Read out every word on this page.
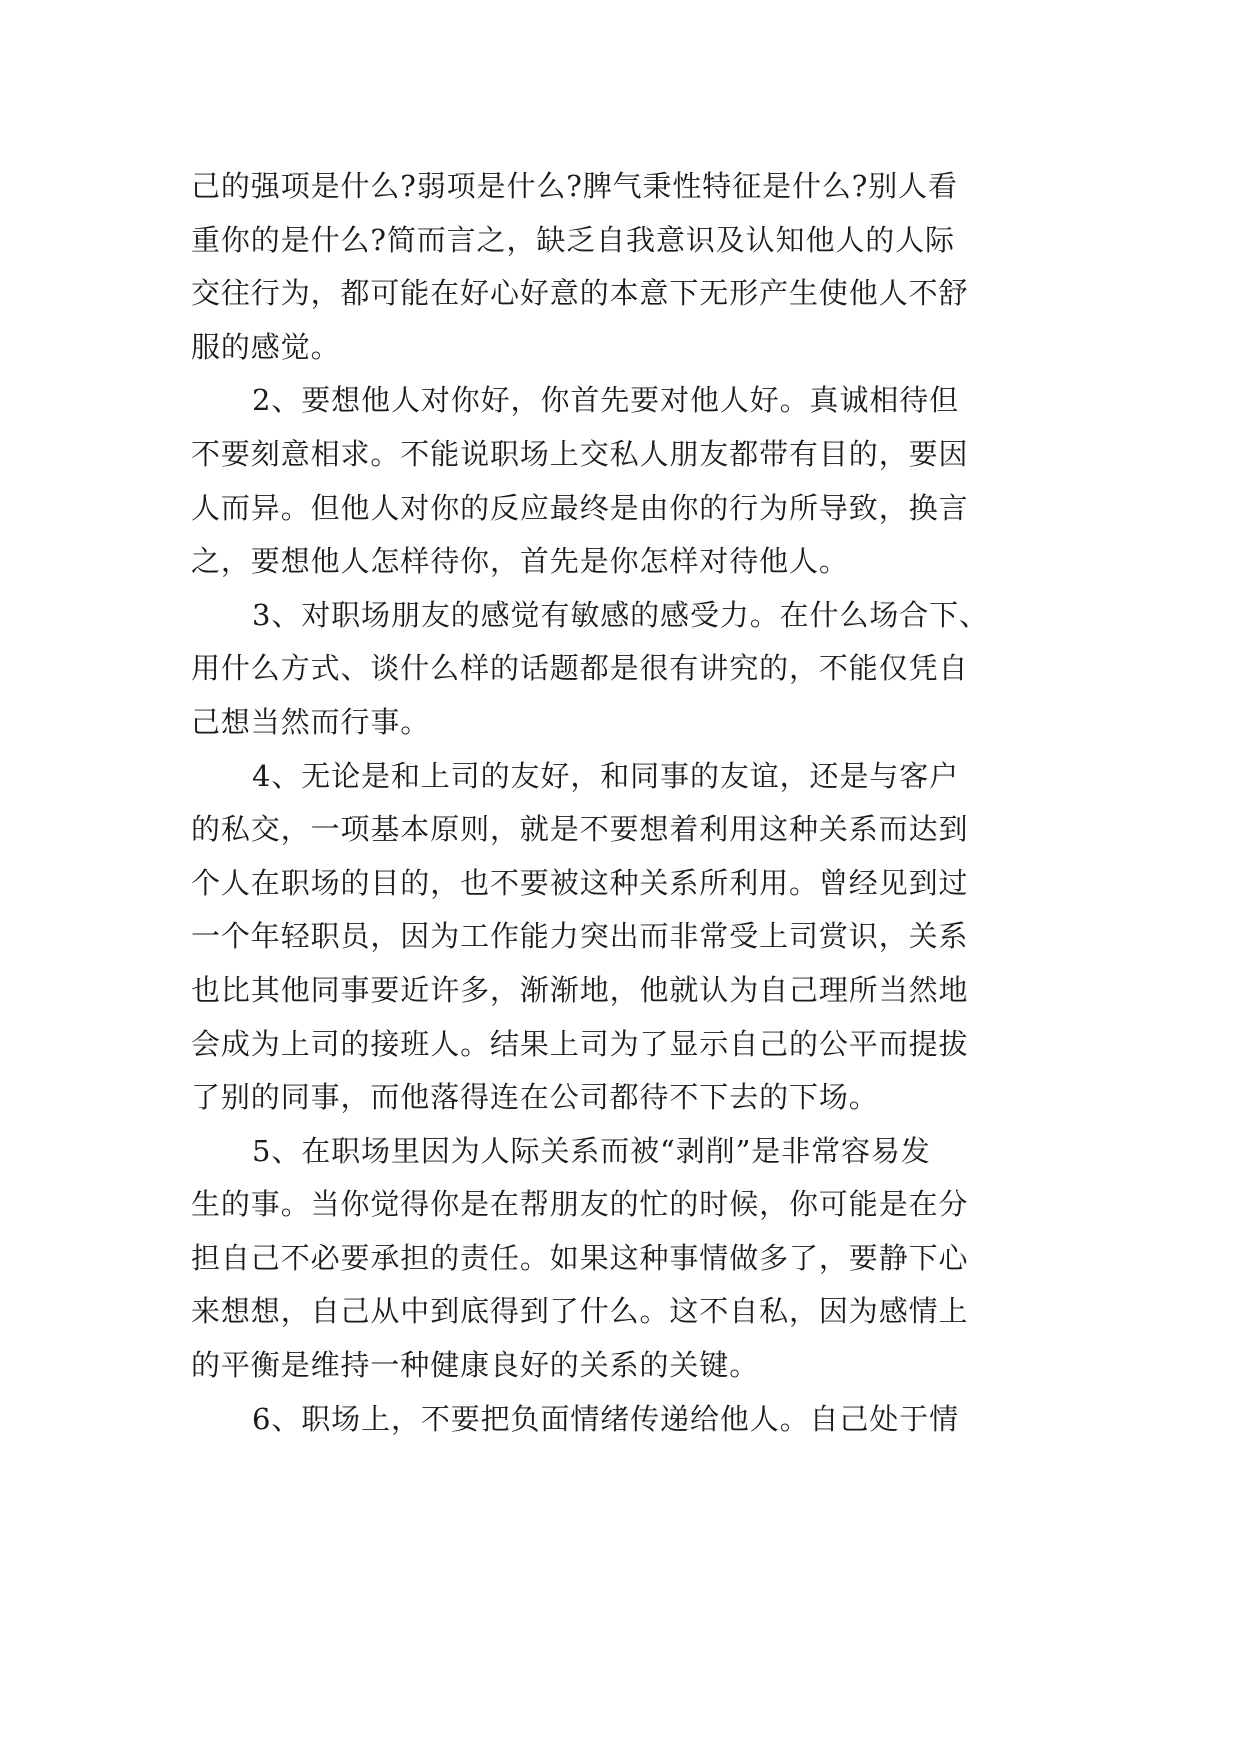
己的强项是什么?弱项是什么?脾气秉性特征是什么?别人看
重你的是什么?简而言之，缺乏自我意识及认知他人的人际
交往行为，都可能在好心好意的本意下无形产生使他人不舒
服的感觉。
2、要想他人对你好，你首先要对他人好。真诚相待但
不要刻意相求。不能说职场上交私人朋友都带有目的，要因
人而异。但他人对你的反应最终是由你的行为所导致，换言
之，要想他人怎样待你，首先是你怎样对待他人。
3、对职场朋友的感觉有敏感的感受力。在什么场合下、
用什么方式、谈什么样的话题都是很有讲究的，不能仅凭自
己想当然而行事。
4、无论是和上司的友好，和同事的友谊，还是与客户
的私交，一项基本原则，就是不要想着利用这种关系而达到
个人在职场的目的，也不要被这种关系所利用。曾经见到过
一个年轻职员，因为工作能力突出而非常受上司赏识，关系
也比其他同事要近许多，渐渐地，他就认为自己理所当然地
会成为上司的接班人。结果上司为了显示自己的公平而提拔
了别的同事，而他落得连在公司都待不下去的下场。
5、在职场里因为人际关系而被“剥削”是非常容易发
生的事。当你觉得你是在帮朋友的忙的时候，你可能是在分
担自己不必要承担的责任。如果这种事情做多了，要静下心
来想想，自己从中到底得到了什么。这不自私，因为感情上
的平衡是维持一种健康良好的关系的关键。
6、职场上，不要把负面情绪传递给他人。自己处于情
